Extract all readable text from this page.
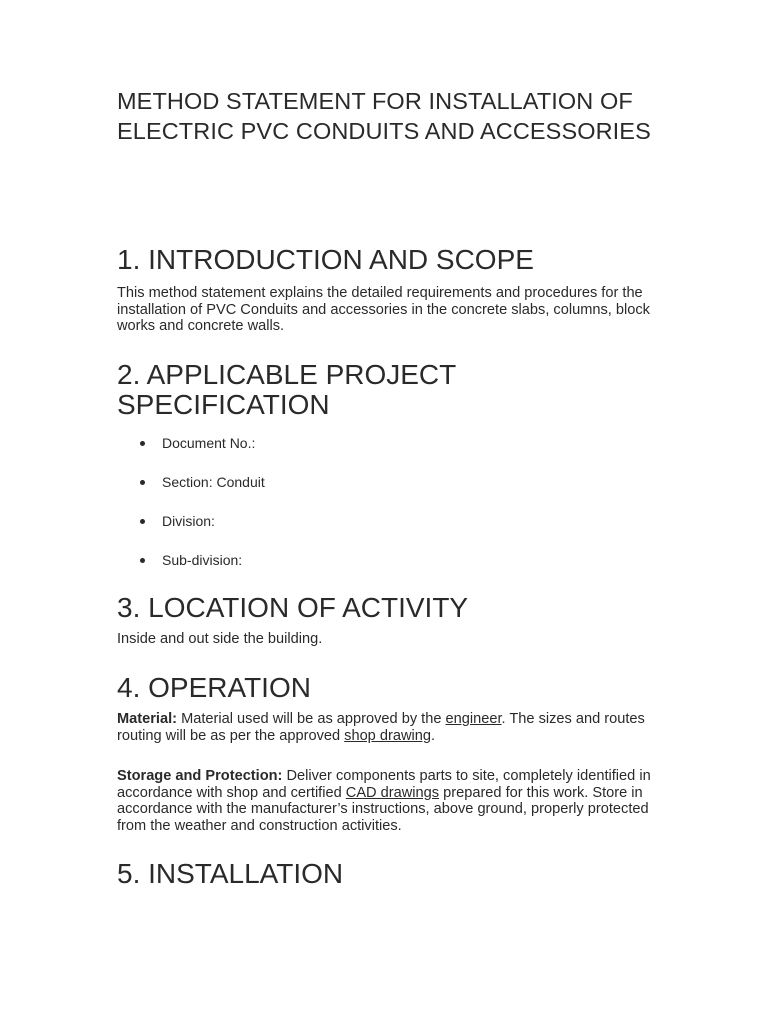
METHOD STATEMENT FOR INSTALLATION OF ELECTRIC PVC CONDUITS AND ACCESSORIES
1. INTRODUCTION AND SCOPE

This method statement explains the detailed requirements and procedures for the installation of PVC Conduits and accessories in the concrete slabs, columns, block works and concrete walls.

2. APPLICABLE PROJECT SPECIFICATION
Document No.:
Section: Conduit
Division:
Sub-division:
3. LOCATION OF ACTIVITY

Inside and out side the building.

4. OPERATION

Material: Material used will be as approved by the engineer. The sizes and routes routing will be as per the approved shop drawing.

Storage and Protection: Deliver components parts to site, completely identified in accordance with shop and certified CAD drawings prepared for this work. Store in accordance with the manufacturer’s instructions, above ground, properly protected from the weather and construction activities.

5. INSTALLATION
